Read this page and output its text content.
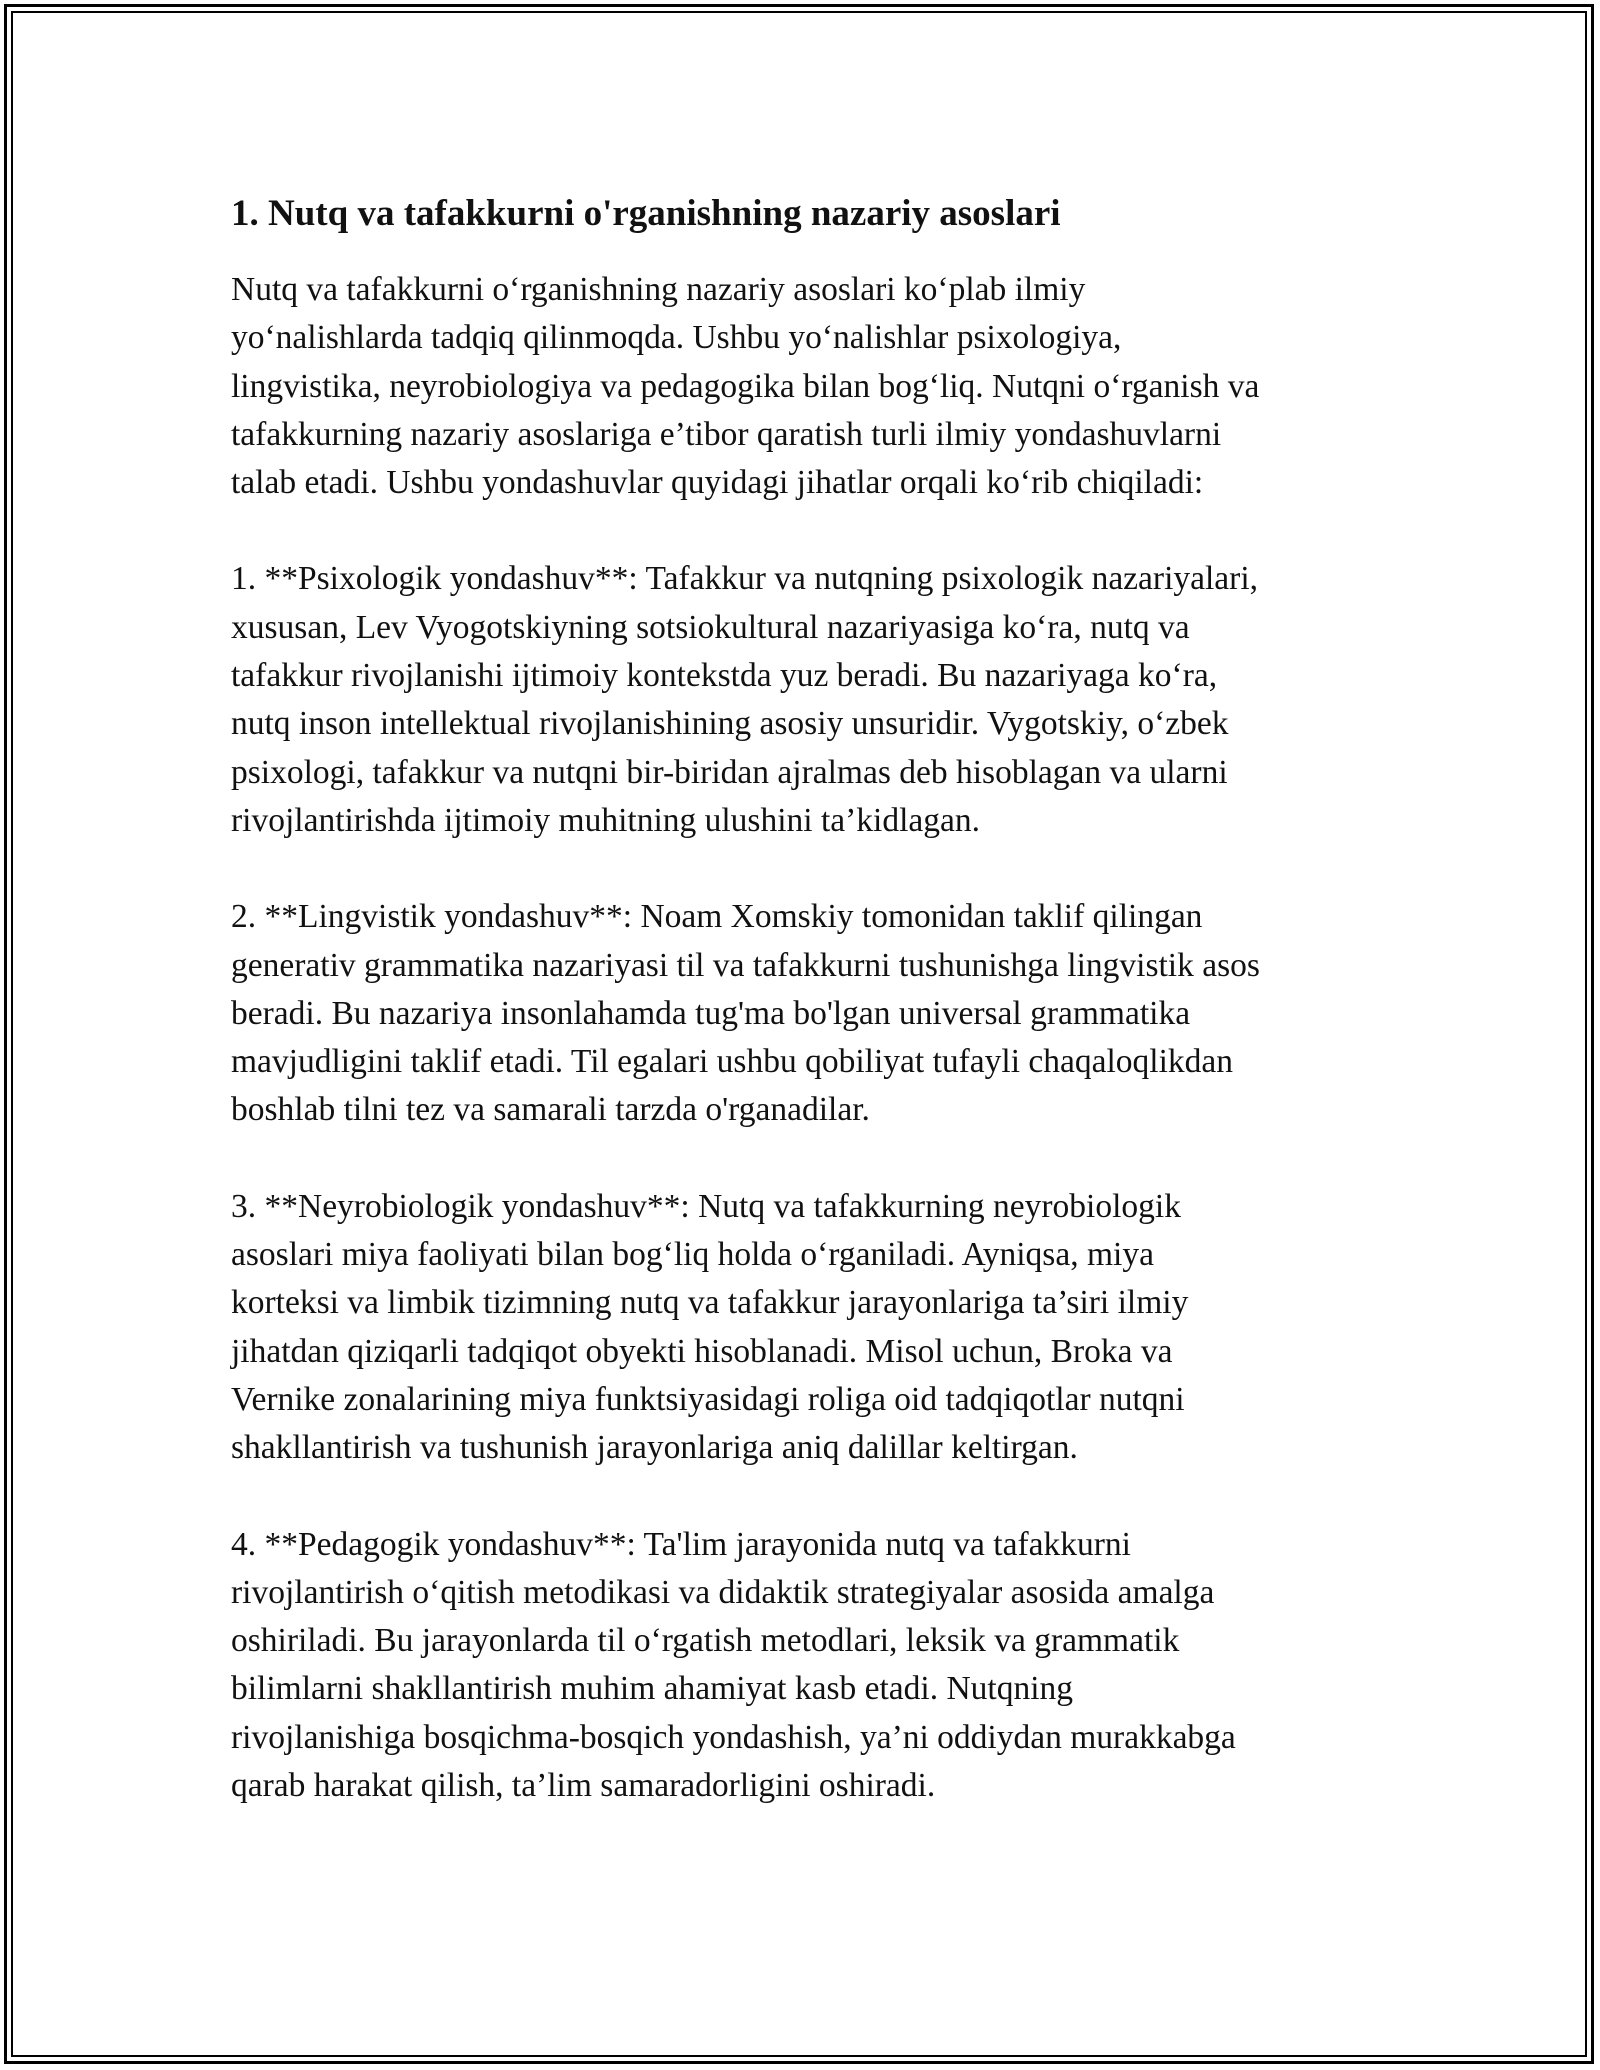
1. Nutq va tafakkurni o'rganishning nazariy asoslari

Nutq va tafakkurni o‘rganishning nazariy asoslari ko‘plab ilmiy
yo‘nalishlarda tadqiq qilinmoqda. Ushbu yo‘nalishlar psixologiya,
lingvistika, neyrobiologiya va pedagogika bilan bog‘liq. Nutqni o‘rganish va
tafakkurning nazariy asoslariga e’tibor qaratish turli ilmiy yondashuvlarni
talab etadi. Ushbu yondashuvlar quyidagi jihatlar orqali ko‘rib chiqiladi:

1. **Psixologik yondashuv**: Tafakkur va nutqning psixologik nazariyalari,
xususan, Lev Vyogotskiyning sotsiokultural nazariyasiga ko‘ra, nutq va
tafakkur rivojlanishi ijtimoiy kontekstda yuz beradi. Bu nazariyaga ko‘ra,
nutq inson intellektual rivojlanishining asosiy unsuridir. Vygotskiy, o‘zbek
psixologi, tafakkur va nutqni bir-biridan ajralmas deb hisoblagan va ularni
rivojlantirishda ijtimoiy muhitning ulushini ta’kidlagan.

2. **Lingvistik yondashuv**: Noam Xomskiy tomonidan taklif qilingan
generativ grammatika nazariyasi til va tafakkurni tushunishga lingvistik asos
beradi. Bu nazariya insonlahamda tug'ma bo'lgan universal grammatika
mavjudligini taklif etadi. Til egalari ushbu qobiliyat tufayli chaqaloqlikdan
boshlab tilni tez va samarali tarzda o'rganadilar.

3. **Neyrobiologik yondashuv**: Nutq va tafakkurning neyrobiologik
asoslari miya faoliyati bilan bog‘liq holda o‘rganiladi. Ayniqsa, miya
korteksi va limbik tizimning nutq va tafakkur jarayonlariga ta’siri ilmiy
jihatdan qiziqarli tadqiqot obyekti hisoblanadi. Misol uchun, Broka va
Vernike zonalarining miya funktsiyasidagi roliga oid tadqiqotlar nutqni
shakllantirish va tushunish jarayonlariga aniq dalillar keltirgan.

4. **Pedagogik yondashuv**: Ta'lim jarayonida nutq va tafakkurni
rivojlantirish o‘qitish metodikasi va didaktik strategiyalar asosida amalga
oshiriladi. Bu jarayonlarda til o‘rgatish metodlari, leksik va grammatik
bilimlarni shakllantirish muhim ahamiyat kasb etadi. Nutqning
rivojlanishiga bosqichma-bosqich yondashish, ya’ni oddiydan murakkabga
qarab harakat qilish, ta’lim samaradorligini oshiradi.
